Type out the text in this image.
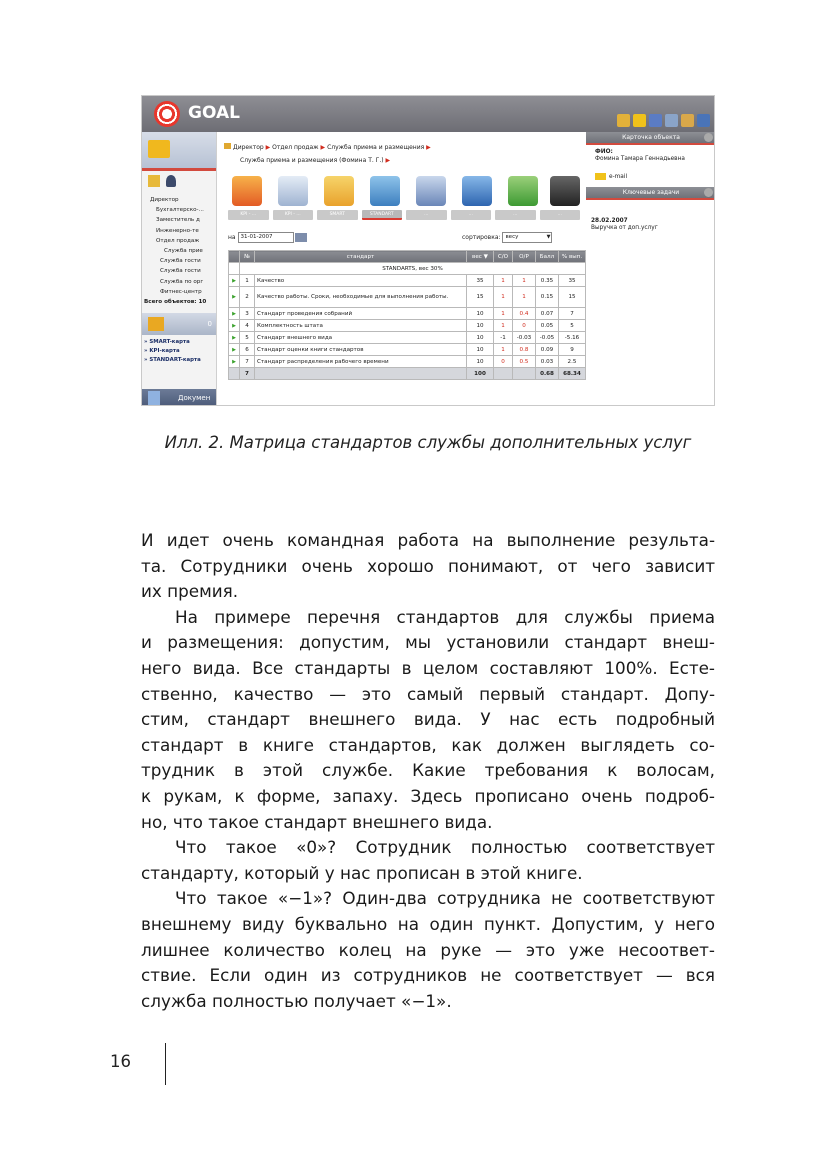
GOAL
Директор
Бухгалтерско-...
Заместитель д
Инженерно-те
Отдел продаж
Служба прие
Служба гости
Служба гости
Служба по орг
Фитнес-центр
Всего объектов: 10
0
» SMART-карта
» KPI-карта
» STANDART-карта
Докумен
Директор ▶ Отдел продаж ▶ Служба приема и размещения ▶
Служба приема и размещения (Фомина Т. Г.) ▶
KPI - ...	KPI - ...	SMART	STANDART	...	...	...	...
на 31-01-2007	сортировка: весу	▼
	№	стандарт	вес ▼	С/О	О/Р	Балл	% вып.
	STANDARTS, вес 30%						
▶	1	Качество	35	1	1	0.35	35
▶	2	Качество работы. Сроки, необходимые для выполнения работы.	15	1	1	0.15	15
▶	3	Стандарт проведения собраний	10	1	0.4	0.07	7
▶	4	Комплектность штата	10	1	0	0.05	5
▶	5	Стандарт внешнего вида	10	-1	-0.03	-0.05	-5.16
▶	6	Стандарт оценки книги стандартов	10	1	0.8	0.09	9
▶	7	Стандарт распределения рабочего времени	10	0	0.5	0.03	2.5
	7		100			0.68	68.34
Карточка объекта
ФИО:
Фомина Тамара Геннадьевна
e-mail
Ключевые задачи
28.02.2007
Выручка от доп.услуг
Илл. 2. Матрица стандартов службы дополнительных услуг

И идет очень командная работа на выполнение результа-

та. Сотрудники очень хорошо понимают, от чего зависит

их премия.

На примере перечня стандартов для службы приема

и размещения: допустим, мы установили стандарт внеш-

него вида. Все стандарты в целом составляют 100%. Есте-

ственно, качество — это самый первый стандарт. Допу-

стим, стандарт внешнего вида. У нас есть подробный

стандарт в книге стандартов, как должен выглядеть со-

трудник в этой службе. Какие требования к волосам,

к рукам, к форме, запаху. Здесь прописано очень подроб-

но, что такое стандарт внешнего вида.

Что такое «0»? Сотрудник полностью соответствует

стандарту, который у нас прописан в этой книге.

Что такое «−1»? Один-два сотрудника не соответствуют

внешнему виду буквально на один пункт. Допустим, у него

лишнее количество колец на руке — это уже несоответ-

ствие. Если один из сотрудников не соответствует — вся

служба полностью получает «−1».

16
